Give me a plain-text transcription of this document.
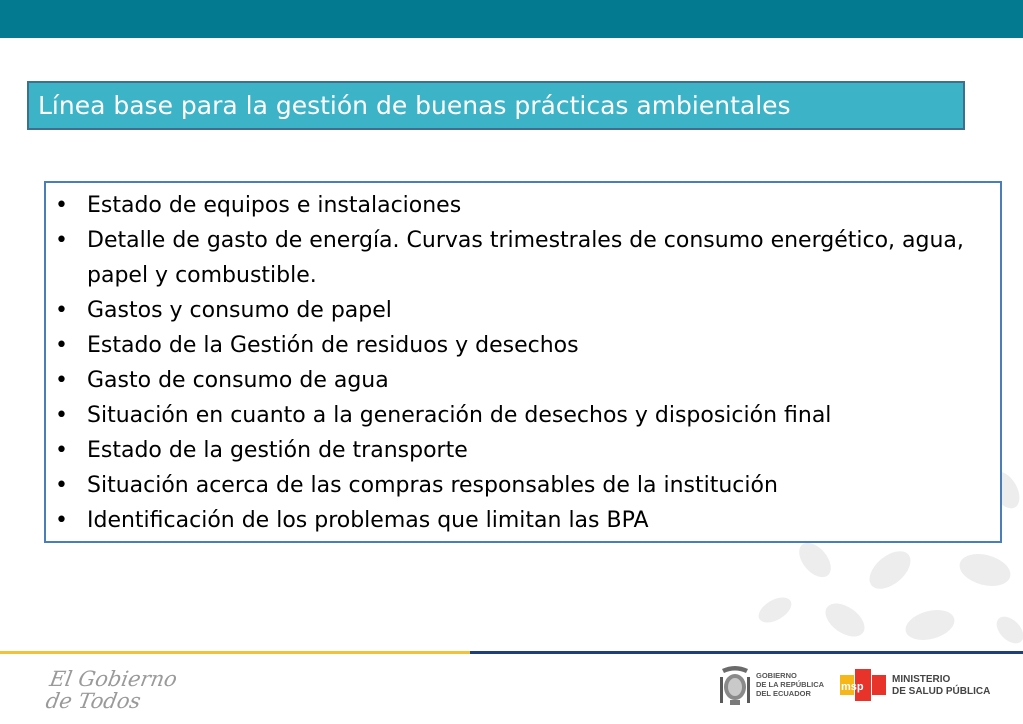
Línea base para la gestión de buenas prácticas ambientales
• Estado de equipos e instalaciones
• Detalle de gasto de energía. Curvas trimestrales de consumo energético, agua, papel y combustible.
• Gastos y consumo de papel
• Estado de la Gestión de residuos y desechos
• Gasto de consumo de agua
• Situación en cuanto a la generación de desechos y disposición final
• Estado de la gestión de transporte
• Situación acerca de las compras responsables de la institución
• Identificación de los problemas que limitan las BPA
El Gobierno
de Todos
GOBIERNO
DE LA REPÚBLICA
DEL ECUADOR
msp
MINISTERIO
DE SALUD PÚBLICA
